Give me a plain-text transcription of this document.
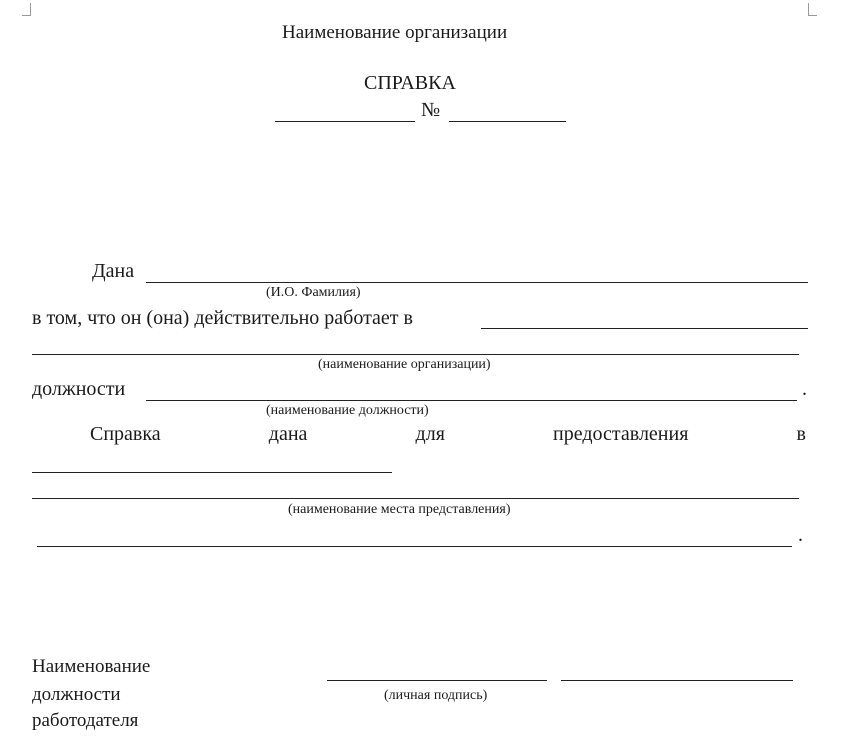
Наименование организации
СПРАВКА
№
Дана
(И.О. Фамилия)
в том, что он (она) действительно работает в
(наименование организации)
должности	.
(наименование должности)
Справка	дана	для	предоставления	в
(наименование места представления)
.
Наименование
должности
работодателя
(личная подпись)
